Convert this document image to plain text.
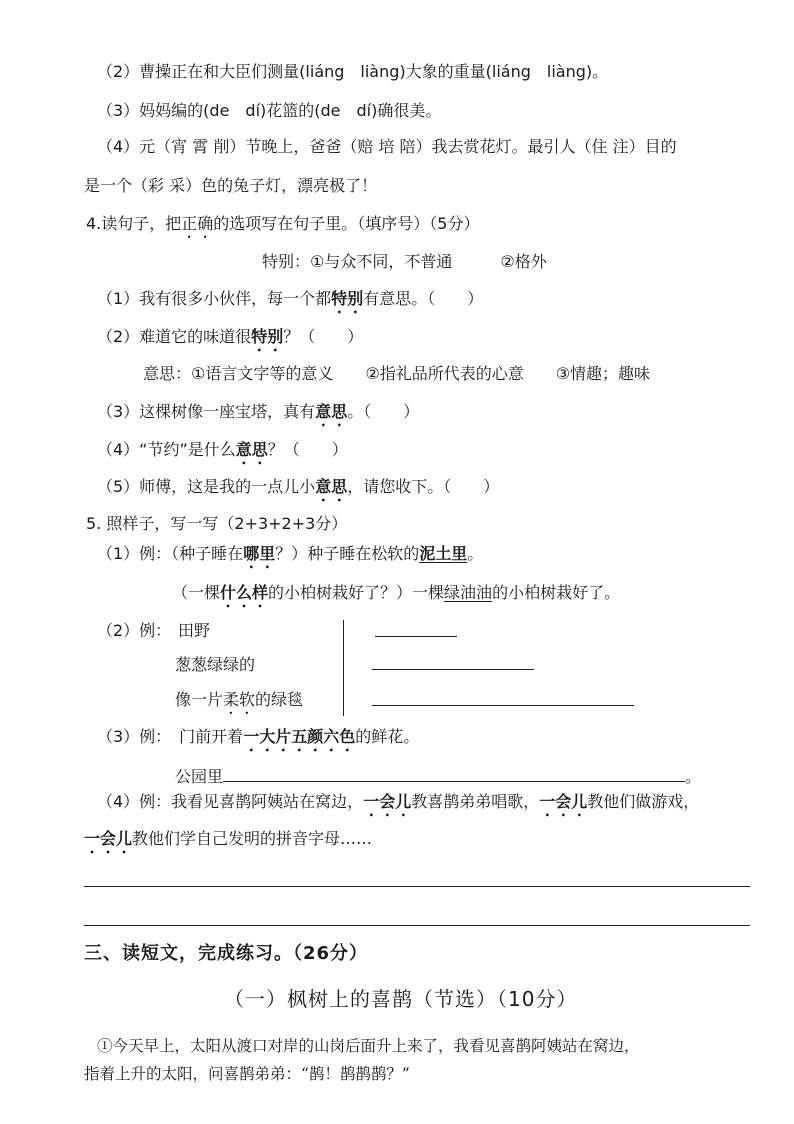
（2）曹操正在和大臣们测量(liáng　liàng)大象的重量(liáng　liàng)。
（3）妈妈编的(de　dí)花篮的(de　dí)确很美。
（4）元（宵 霄 削）节晚上，爸爸（赔 培 陪）我去赏花灯。最引人（住 注）目的
是一个（彩 采）色的兔子灯，漂亮极了！
4.读句子，把正确的选项写在句子里。（填序号）（5分）
特别：①与众不同，不普通　　　②格外
（1）我有很多小伙伴，每一个都特别有意思。（　　）
（2）难道它的味道很特别？（　　）
意思：①语言文字等的意义　　②指礼品所代表的心意　　③情趣；趣味
（3）这棵树像一座宝塔，真有意思。（　　）
（4）“节约”是什么意思？（　　）
（5）师傅，这是我的一点儿小意思，请您收下。（　　）
5. 照样子，写一写（2+3+2+3分）
（1）例：（种子睡在哪里？）种子睡在松软的泥土里。
（一棵什么样的小柏树栽好了？）一棵绿油油的小柏树栽好了。
（2）例： 田野
葱葱绿绿的
像一片柔软的绿毯
（3）例：　门前开着一大片五颜六色的鲜花。
公园里	。
（4）例：我看见喜鹊阿姨站在窝边，一会儿教喜鹊弟弟唱歌，一会儿教他们做游戏，
一会儿教他们学自己发明的拼音字母……
三、读短文，完成练习。（26分）
（一）枫树上的喜鹊（节选）（10分）
①今天早上，太阳从渡口对岸的山岗后面升上来了，我看见喜鹊阿姨站在窝边，
指着上升的太阳，问喜鹊弟弟：“鹊！鹊鹊鹊？”
